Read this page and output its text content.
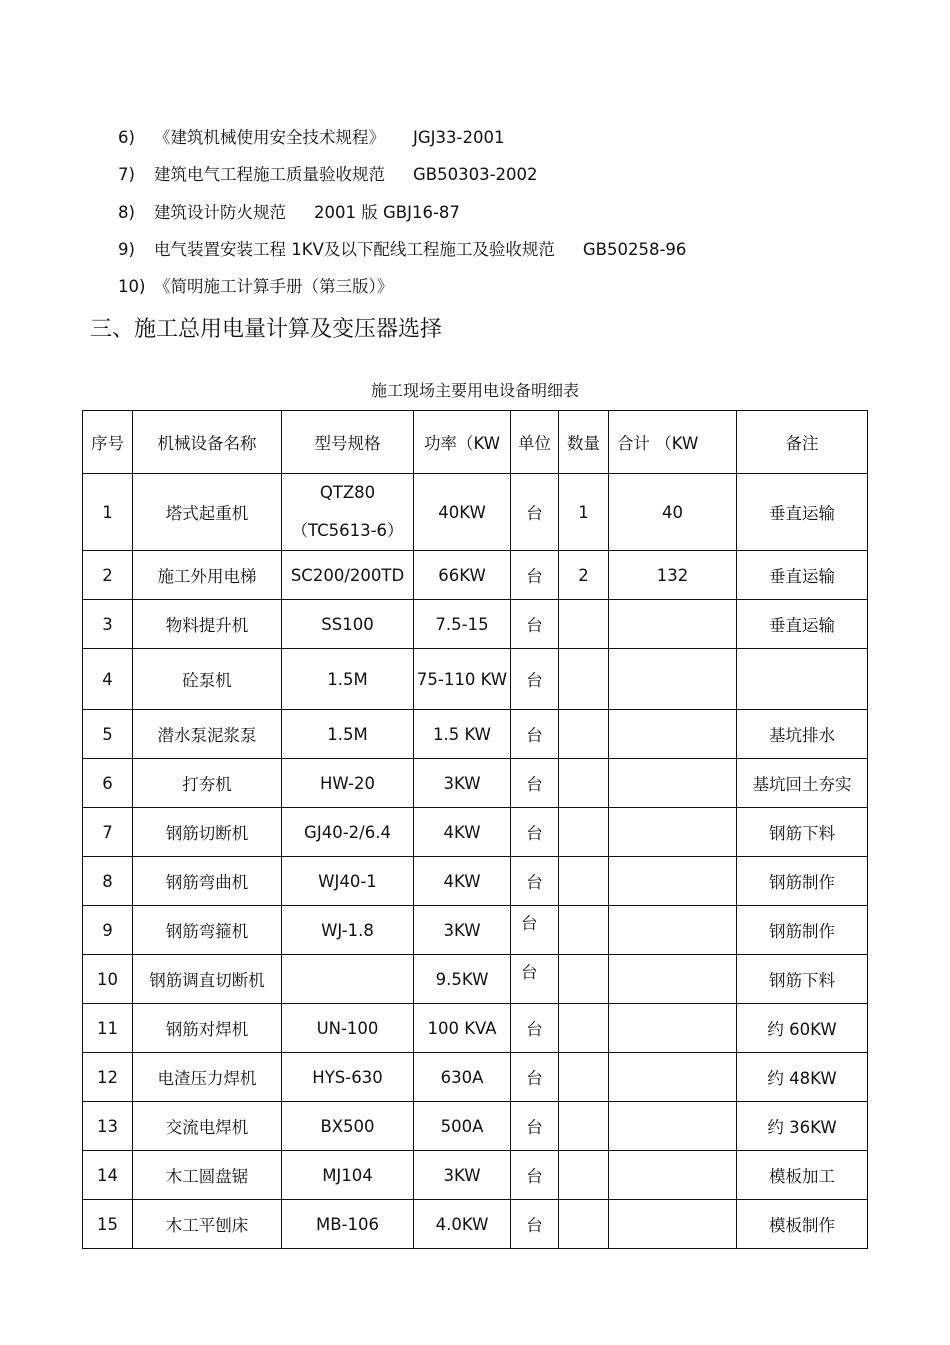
6) 《建筑机械使用安全技术规程》 JGJ33-2001
7) 建筑电气工程施工质量验收规范 GB50303-2002
8) 建筑设计防火规范 2001 版 GBJ16-87
9) 电气装置安装工程 1KV及以下配线工程施工及验收规范 GB50258-96
10) 《简明施工计算手册（第三版）》
三、施工总用电量计算及变压器选择
施工现场主要用电设备明细表
序号	机械设备名称	型号规格	功率（KW	单位	数量	合计 （KW	备注
1	塔式起重机	QTZ80
（TC5613-6）	40KW	台	1	40	垂直运输
2	施工外用电梯	SC200/200TD	66KW	台	2	132	垂直运输
3	物料提升机	SS100	7.5-15	台			垂直运输
4	砼泵机	1.5M	75-110 KW	台			
5	潜水泵泥浆泵	1.5M	1.5 KW	台			基坑排水
6	打夯机	HW-20	3KW	台			基坑回土夯实
7	钢筋切断机	GJ40-2/6.4	4KW	台			钢筋下料
8	钢筋弯曲机	WJ40-1	4KW	台			钢筋制作
9	钢筋弯箍机	WJ-1.8	3KW	台			钢筋制作
10	钢筋调直切断机		9.5KW	台			钢筋下料
11	钢筋对焊机	UN-100	100 KVA	台			约 60KW
12	电渣压力焊机	HYS-630	630A	台			约 48KW
13	交流电焊机	BX500	500A	台			约 36KW
14	木工圆盘锯	MJ104	3KW	台			模板加工
15	木工平刨床	MB-106	4.0KW	台			模板制作
